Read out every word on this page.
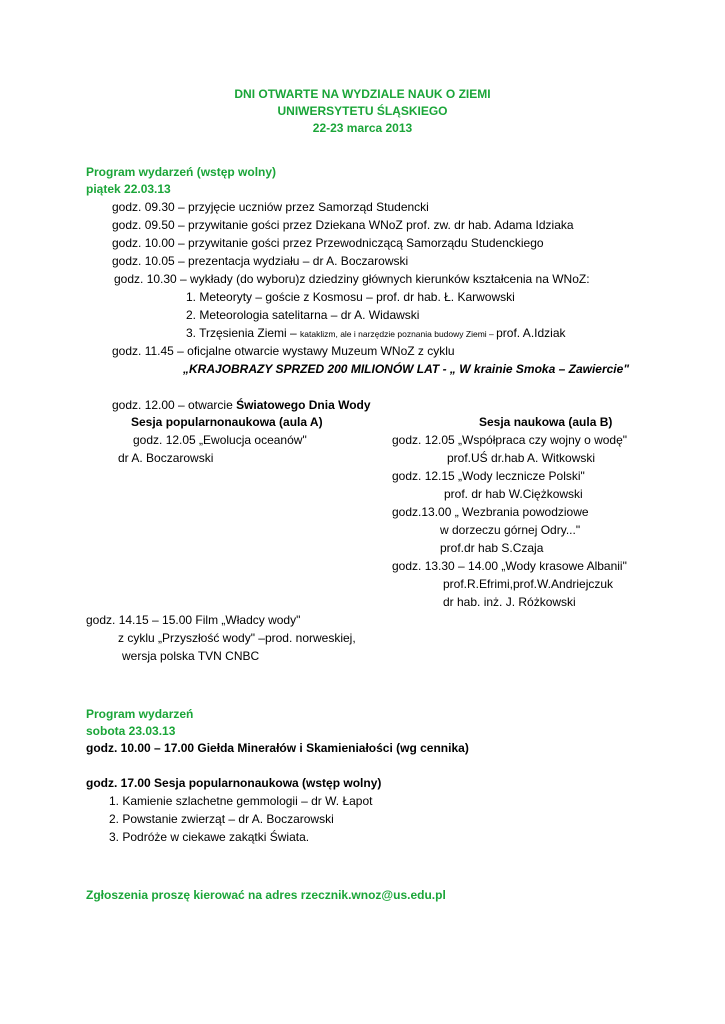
DNI OTWARTE NA WYDZIALE NAUK O ZIEMI
UNIWERSYTETU ŚLĄSKIEGO
22-23 marca 2013
Program wydarzeń (wstęp wolny)
piątek 22.03.13
godz. 09.30 – przyjęcie uczniów przez Samorząd Studencki
godz. 09.50 – przywitanie gości przez Dziekana WNoZ prof. zw. dr hab. Adama Idziaka
godz. 10.00 – przywitanie gości przez Przewodniczącą Samorządu Studenckiego
godz. 10.05 – prezentacja wydziału – dr A. Boczarowski
godz. 10.30 – wykłady (do wyboru)z dziedziny głównych kierunków kształcenia na WNoZ:
1. Meteoryty – goście z Kosmosu – prof. dr hab. Ł. Karwowski
2. Meteorologia satelitarna – dr A. Widawski
3. Trzęsienia Ziemi – kataklizm, ale i narzędzie poznania budowy Ziemi – prof. A.Idziak
godz. 11.45 – oficjalne otwarcie wystawy Muzeum WNoZ z cyklu
„KRAJOBRAZY SPRZED 200 MILIONÓW LAT - „ W krainie Smoka – Zawiercie"
godz. 12.00 – otwarcie Światowego Dnia Wody
Sesja popularnonaukowa (aula A)
godz. 12.05 „Ewolucja oceanów"
dr A. Boczarowski
Sesja naukowa (aula B)
godz. 12.05 „Współpraca czy wojny o wodę"
prof.UŚ dr.hab A. Witkowski
godz. 12.15 „Wody lecznicze Polski"
prof. dr hab W.Ciężkowski
godz.13.00 „ Wezbrania powodziowe
w dorzeczu górnej Odry..."
prof.dr hab S.Czaja
godz. 13.30 – 14.00 „Wody krasowe Albanii"
prof.R.Efrimi,prof.W.Andriejczuk
dr hab. inż. J. Różkowski
godz. 14.15 – 15.00 Film „Władcy wody"
z cyklu „Przyszłość wody" –prod. norweskiej,
wersja polska TVN CNBC
Program wydarzeń
sobota 23.03.13
godz. 10.00 – 17.00 Giełda Minerałów i Skamieniałości (wg cennika)
godz. 17.00 Sesja popularnonaukowa (wstęp wolny)
1. Kamienie szlachetne gemmologii – dr W. Łapot
2. Powstanie zwierząt – dr A. Boczarowski
3. Podróże w ciekawe zakątki Świata.
Zgłoszenia proszę kierować na adres rzecznik.wnoz@us.edu.pl
